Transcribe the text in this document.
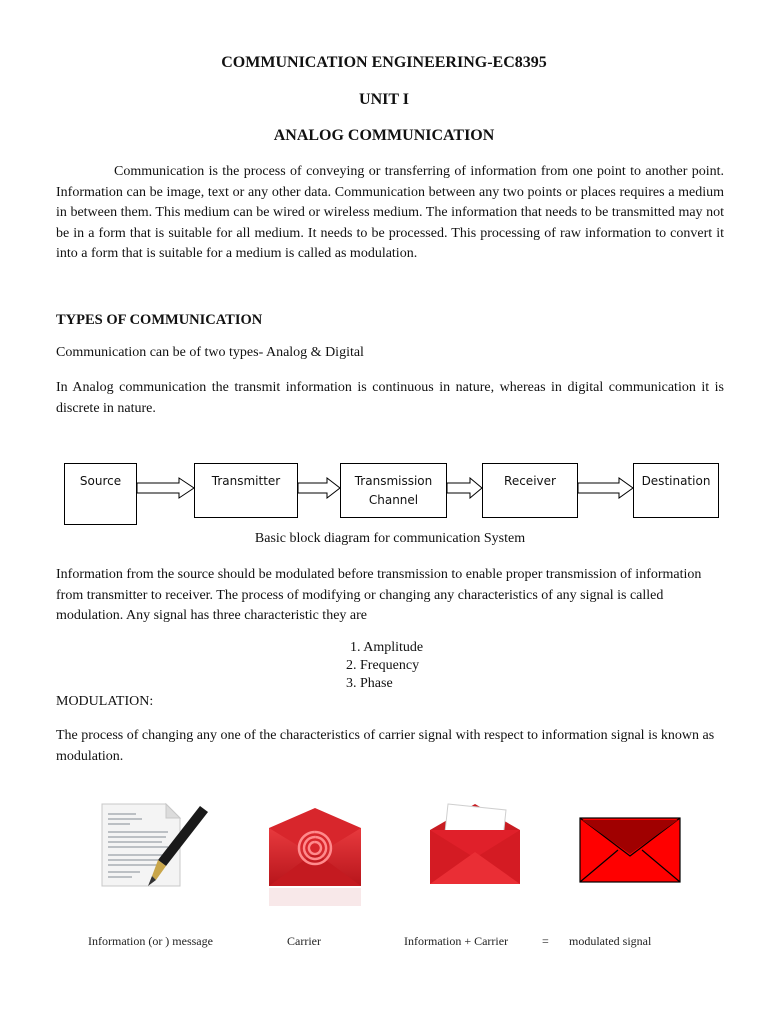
COMMUNICATION ENGINEERING-EC8395
UNIT I
ANALOG COMMUNICATION
Communication is the process of conveying or transferring of information from one point to another point. Information can be image, text or any other data. Communication between any two points or places requires a medium in between them. This medium can be wired or wireless medium. The information that needs to be transmitted may not be in a form that is suitable for all medium. It needs to be processed. This processing of raw information to convert it into a form that is suitable for a medium is called as modulation.
TYPES OF COMMUNICATION
Communication can be of two types- Analog & Digital
In Analog communication the transmit information is continuous in nature, whereas in digital communication it is discrete in nature.
Source	Transmitter	Transmission Channel
Receiver	Destination
Basic block diagram for communication System
Information from the source should be modulated before transmission to enable proper transmission of information from transmitter to receiver. The process of modifying or changing any characteristics of any signal is called modulation. Any signal has three characteristic they are
1. Amplitude
2. Frequency
3. Phase
MODULATION:
The process of changing any one of the characteristics of carrier signal with respect to information signal is known as modulation.
Information (or ) message	Carrier	Information + Carrier	= modulated signal
